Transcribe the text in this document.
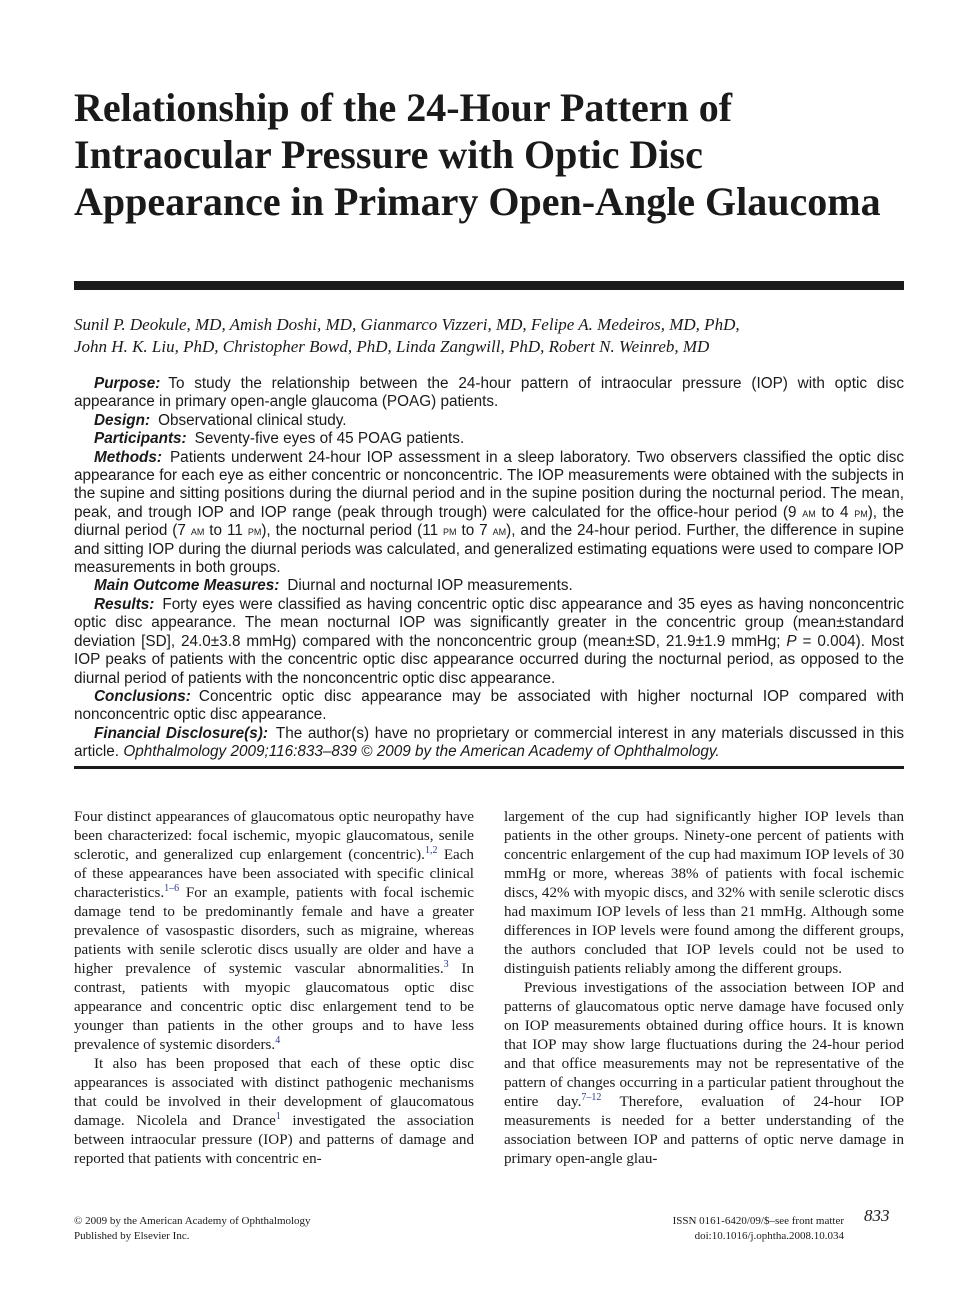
Relationship of the 24-Hour Pattern of Intraocular Pressure with Optic Disc Appearance in Primary Open-Angle Glaucoma
Sunil P. Deokule, MD, Amish Doshi, MD, Gianmarco Vizzeri, MD, Felipe A. Medeiros, MD, PhD,
John H. K. Liu, PhD, Christopher Bowd, PhD, Linda Zangwill, PhD, Robert N. Weinreb, MD

Purpose: To study the relationship between the 24-hour pattern of intraocular pressure (IOP) with optic disc appearance in primary open-angle glaucoma (POAG) patients.

Design: Observational clinical study.

Participants: Seventy-five eyes of 45 POAG patients.

Methods: Patients underwent 24-hour IOP assessment in a sleep laboratory. Two observers classified the optic disc appearance for each eye as either concentric or nonconcentric. The IOP measurements were obtained with the subjects in the supine and sitting positions during the diurnal period and in the supine position during the nocturnal period. The mean, peak, and trough IOP and IOP range (peak through trough) were calculated for the office-hour period (9 am to 4 pm), the diurnal period (7 am to 11 pm), the nocturnal period (11 pm to 7 am), and the 24-hour period. Further, the difference in supine and sitting IOP during the diurnal periods was calculated, and generalized estimating equations were used to compare IOP measurements in both groups.

Main Outcome Measures: Diurnal and nocturnal IOP measurements.

Results: Forty eyes were classified as having concentric optic disc appearance and 35 eyes as having nonconcentric optic disc appearance. The mean nocturnal IOP was significantly greater in the concentric group (mean±standard deviation [SD], 24.0±3.8 mmHg) compared with the nonconcentric group (mean±SD, 21.9±1.9 mmHg; P = 0.004). Most IOP peaks of patients with the concentric optic disc appearance occurred during the nocturnal period, as opposed to the diurnal period of patients with the nonconcentric optic disc appearance.

Conclusions: Concentric optic disc appearance may be associated with higher nocturnal IOP compared with nonconcentric optic disc appearance.

Financial Disclosure(s): The author(s) have no proprietary or commercial interest in any materials discussed in this article. Ophthalmology 2009;116:833–839 © 2009 by the American Academy of Ophthalmology.

Four distinct appearances of glaucomatous optic neuropathy have been characterized: focal ischemic, myopic glaucomatous, senile sclerotic, and generalized cup enlargement (concentric).$^{1,2}$ Each of these appearances have been associated with specific clinical characteristics.$^{1-6}$ For an example, patients with focal ischemic damage tend to be predominantly female and have a greater prevalence of vasospastic disorders, such as migraine, whereas patients with senile sclerotic discs usually are older and have a higher prevalence of systemic vascular abnormalities.$^3$ In contrast, patients with myopic glaucomatous optic disc appearance and concentric optic disc enlargement tend to be younger than patients in the other groups and to have less prevalence of systemic disorders.$^4$

It also has been proposed that each of these optic disc appearances is associated with distinct pathogenic mechanisms that could be involved in their development of glaucomatous damage. Nicolela and Drance$^1$ investigated the association between intraocular pressure (IOP) and patterns of damage and reported that patients with concentric en-

largement of the cup had significantly higher IOP levels than patients in the other groups. Ninety-one percent of patients with concentric enlargement of the cup had maximum IOP levels of 30 mmHg or more, whereas 38% of patients with focal ischemic discs, 42% with myopic discs, and 32% with senile sclerotic discs had maximum IOP levels of less than 21 mmHg. Although some differences in IOP levels were found among the different groups, the authors concluded that IOP levels could not be used to distinguish patients reliably among the different groups.

Previous investigations of the association between IOP and patterns of glaucomatous optic nerve damage have focused only on IOP measurements obtained during office hours. It is known that IOP may show large fluctuations during the 24-hour period and that office measurements may not be representative of the pattern of changes occurring in a particular patient throughout the entire day.$^{7-12}$ Therefore, evaluation of 24-hour IOP measurements is needed for a better understanding of the association between IOP and patterns of optic nerve damage in primary open-angle glau-

© 2009 by the American Academy of Ophthalmology
Published by Elsevier Inc.
ISSN 0161-6420/09/$–see front matter
doi:10.1016/j.ophtha.2008.10.034
833
